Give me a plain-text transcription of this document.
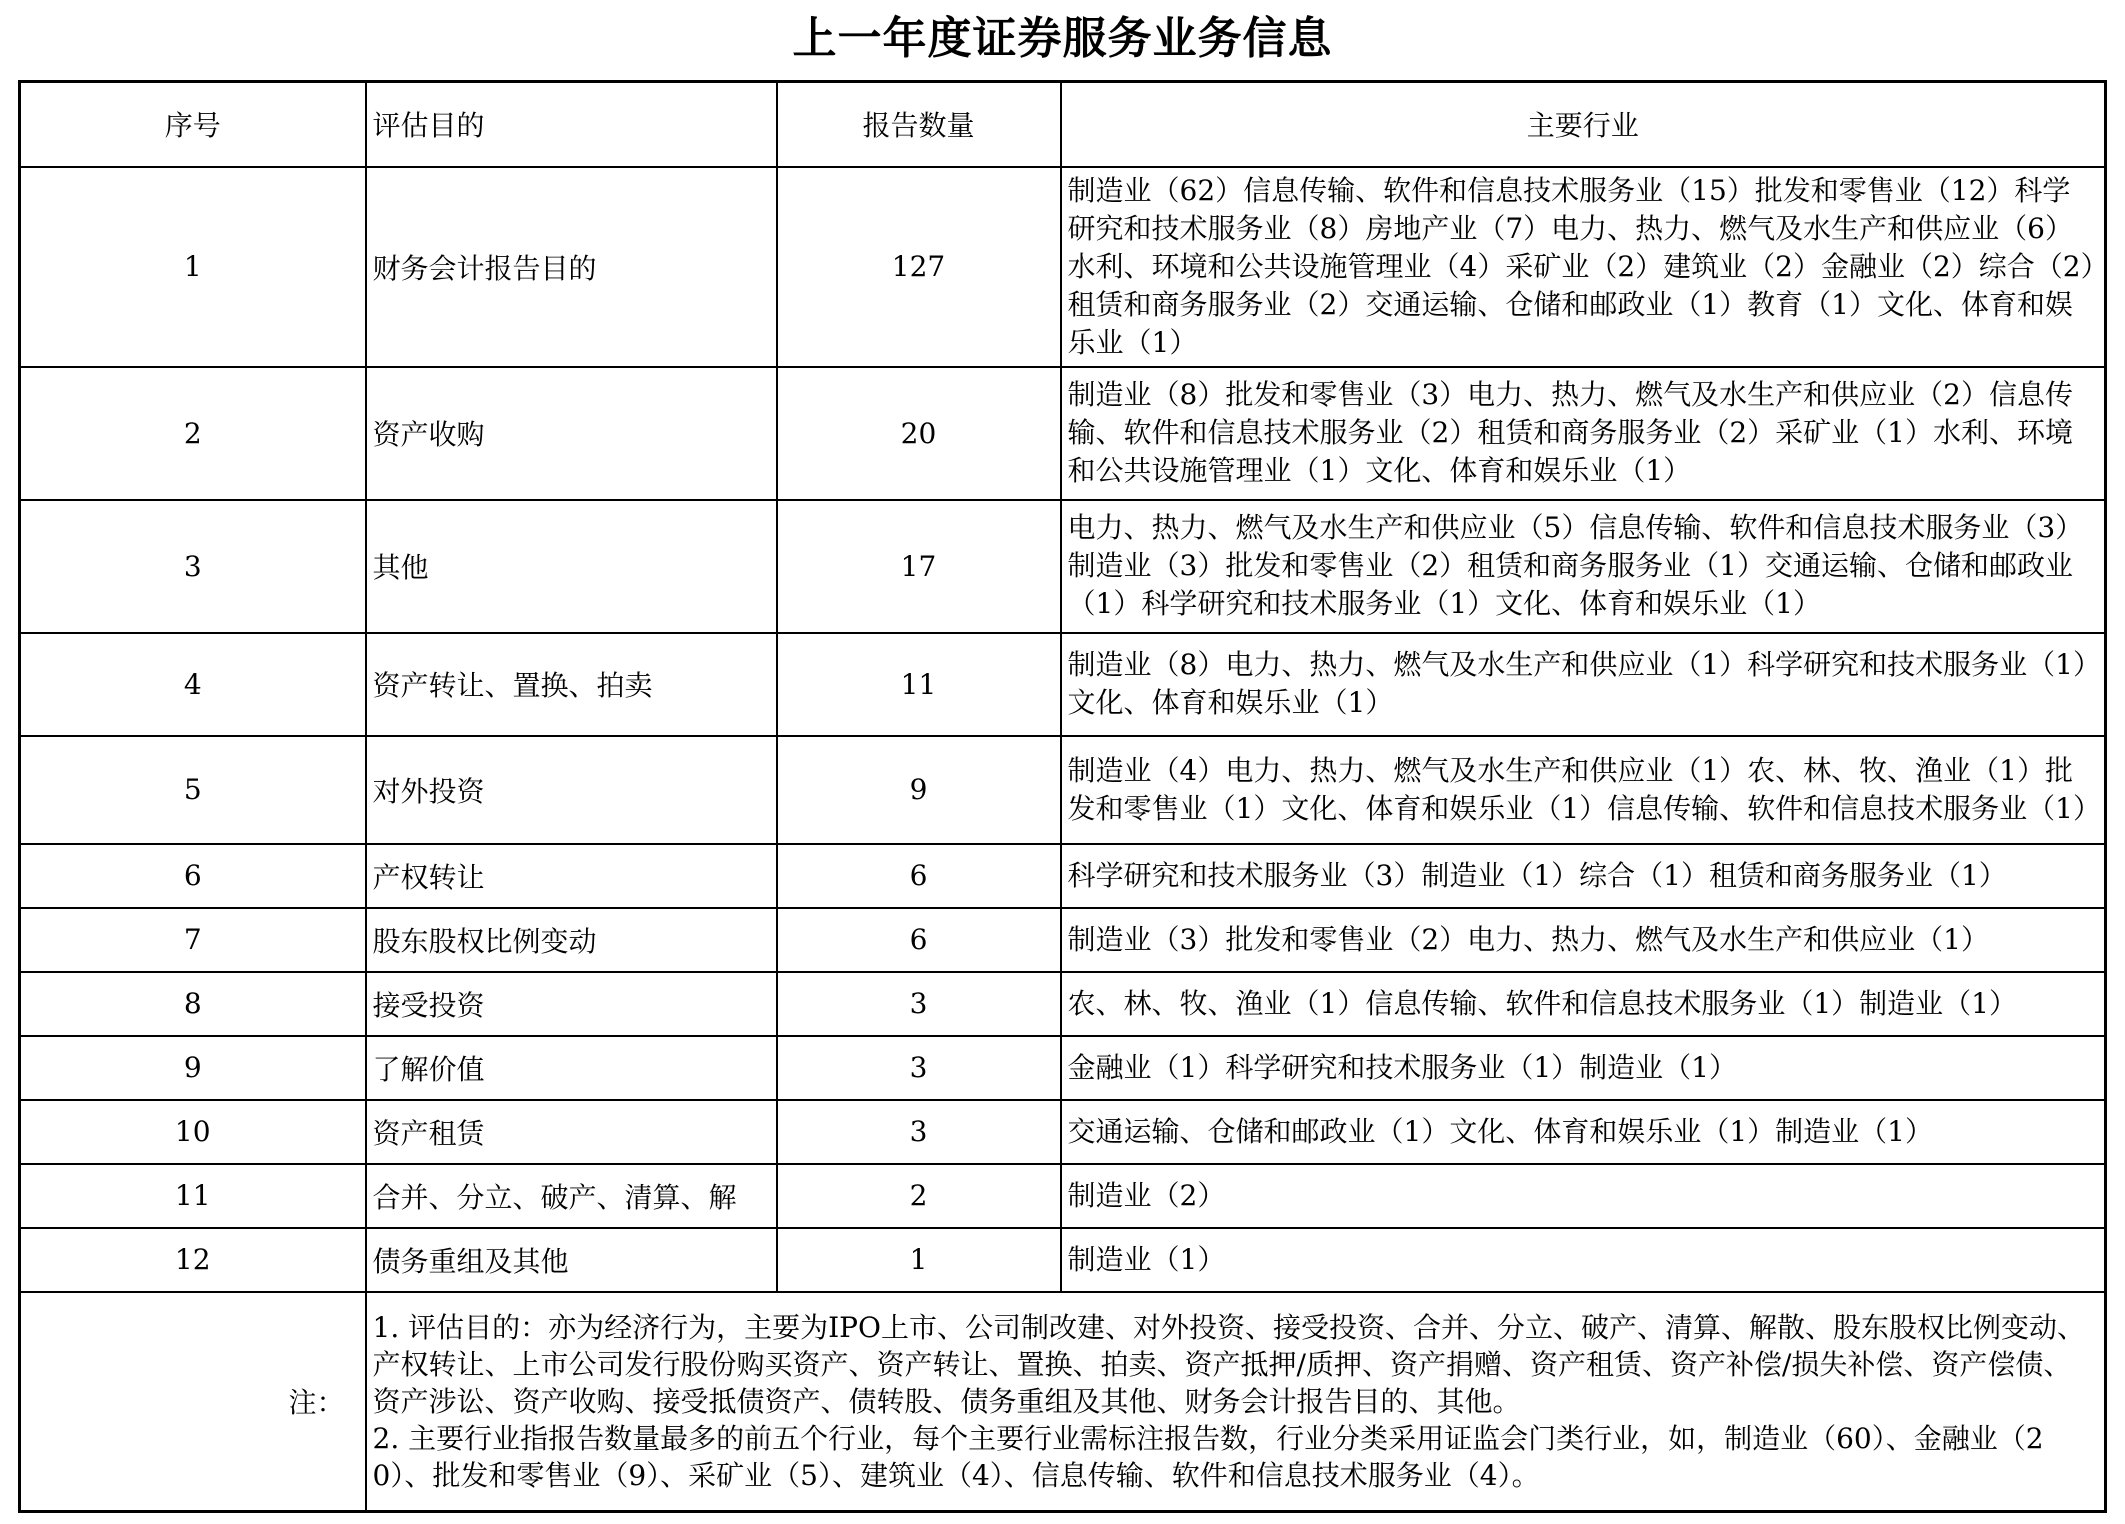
上一年度证券服务业务信息
序号	评估目的	报告数量	主要行业
1	财务会计报告目的	127	制造业（62）信息传输、软件和信息技术服务业（15）批发和零售业（12）科学研究和技术服务业（8）房地产业（7）电力、热力、燃气及水生产和供应业（6）水利、环境和公共设施管理业（4）采矿业（2）建筑业（2）金融业（2）综合（2）租赁和商务服务业（2）交通运输、仓储和邮政业（1）教育（1）文化、体育和娱乐业（1）
2	资产收购	20	制造业（8）批发和零售业（3）电力、热力、燃气及水生产和供应业（2）信息传输、软件和信息技术服务业（2）租赁和商务服务业（2）采矿业（1）水利、环境和公共设施管理业（1）文化、体育和娱乐业（1）
3	其他	17	电力、热力、燃气及水生产和供应业（5）信息传输、软件和信息技术服务业（3）制造业（3）批发和零售业（2）租赁和商务服务业（1）交通运输、仓储和邮政业（1）科学研究和技术服务业（1）文化、体育和娱乐业（1）
4	资产转让、置换、拍卖	11	制造业（8）电力、热力、燃气及水生产和供应业（1）科学研究和技术服务业（1）文化、体育和娱乐业（1）
5	对外投资	9	制造业（4）电力、热力、燃气及水生产和供应业（1）农、林、牧、渔业（1）批发和零售业（1）文化、体育和娱乐业（1）信息传输、软件和信息技术服务业（1）
6	产权转让	6	科学研究和技术服务业（3）制造业（1）综合（1）租赁和商务服务业（1）
7	股东股权比例变动	6	制造业（3）批发和零售业（2）电力、热力、燃气及水生产和供应业（1）
8	接受投资	3	农、林、牧、渔业（1）信息传输、软件和信息技术服务业（1）制造业（1）
9	了解价值	3	金融业（1）科学研究和技术服务业（1）制造业（1）
10	资产租赁	3	交通运输、仓储和邮政业（1）文化、体育和娱乐业（1）制造业（1）
11	合并、分立、破产、清算、解	2	制造业（2）
12	债务重组及其他	1	制造业（1）
注：	1. 评估目的：亦为经济行为，主要为IPO上市、公司制改建、对外投资、接受投资、合并、分立、破产、清算、解散、股东股权比例变动、产权转让、上市公司发行股份购买资产、资产转让、置换、拍卖、资产抵押/质押、资产捐赠、资产租赁、资产补偿/损失补偿、资产偿债、资产涉讼、资产收购、接受抵债资产、债转股、债务重组及其他、财务会计报告目的、其他。

2. 主要行业指报告数量最多的前五个行业，每个主要行业需标注报告数，行业分类采用证监会门类行业，如，制造业（60）、金融业（20）、批发和零售业（9）、采矿业（5）、建筑业（4）、信息传输、软件和信息技术服务业（4）。		
